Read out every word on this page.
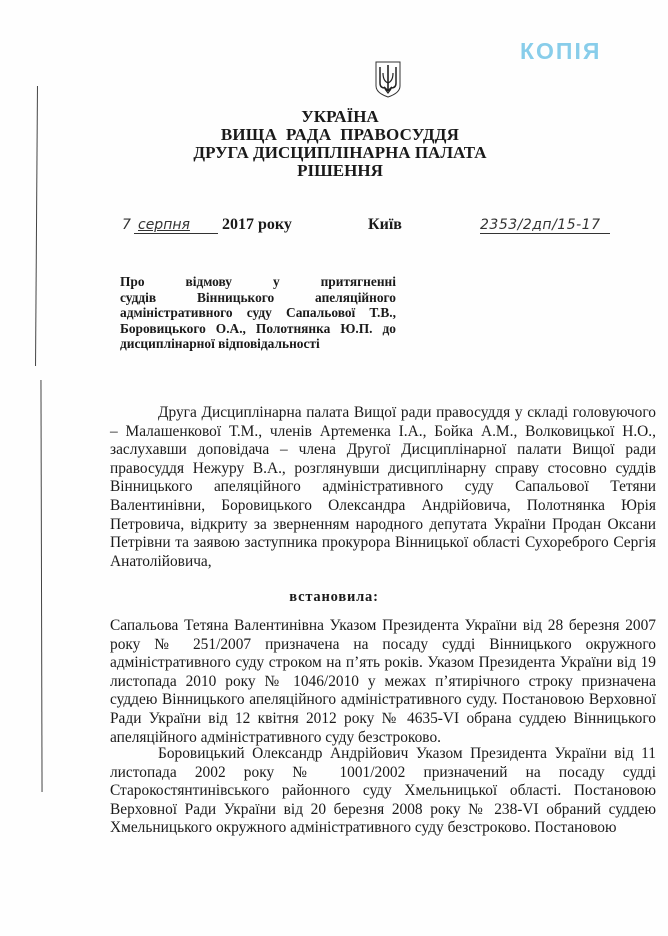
КОПІЯ
УКРАЇНА
ВИЩА  РАДА  ПРАВОСУДДЯ
ДРУГА ДИСЦИПЛІНАРНА ПАЛАТА
РІШЕННЯ
7 серпня	2017 року	Київ	2353/2дп/15-17
Про відмову у притягненні
суддів Вінницького апеляційного
адміністративного суду Сапальової Т.В.,
Боровицького О.А., Полотнянка Ю.П. до
дисциплінарної відповідальності

Друга Дисциплінарна палата Вищої ради правосуддя у складі головуючого – Малашенкової Т.М., членів Артеменка І.А., Бойка А.М., Волковицької Н.О., заслухавши доповідача – члена Другої Дисциплінарної палати Вищої ради правосуддя Нежуру В.А., розглянувши дисциплінарну справу стосовно суддів Вінницького апеляційного адміністративного суду Сапальової Тетяни Валентинівни, Боровицького Олександра Андрійовича, Полотнянка Юрія Петровича, відкриту за зверненням народного депутата України Продан Оксани Петрівни та заявою заступника прокурора Вінницької області Сухореброго Сергія Анатолійовича,

встановила:

Сапальова Тетяна Валентинівна Указом Президента України від 28 березня 2007 року № 251/2007 призначена на посаду судді Вінницького окружного адміністративного суду строком на п’ять років. Указом Президента України від 19 листопада 2010 року № 1046/2010 у межах п’ятирічного строку призначена суддею Вінницького апеляційного адміністративного суду. Постановою Верховної Ради України від 12 квітня 2012 року № 4635-VI обрана суддею Вінницького апеляційного адміністративного суду безстроково.

Боровицький Олександр Андрійович Указом Президента України від 11 листопада 2002 року № 1001/2002 призначений на посаду судді Старокостянтинівського районного суду Хмельницької області. Постановою Верховної Ради України від 20 березня 2008 року № 238-VI обраний суддею Хмельницького окружного адміністративного суду безстроково. Постановою
